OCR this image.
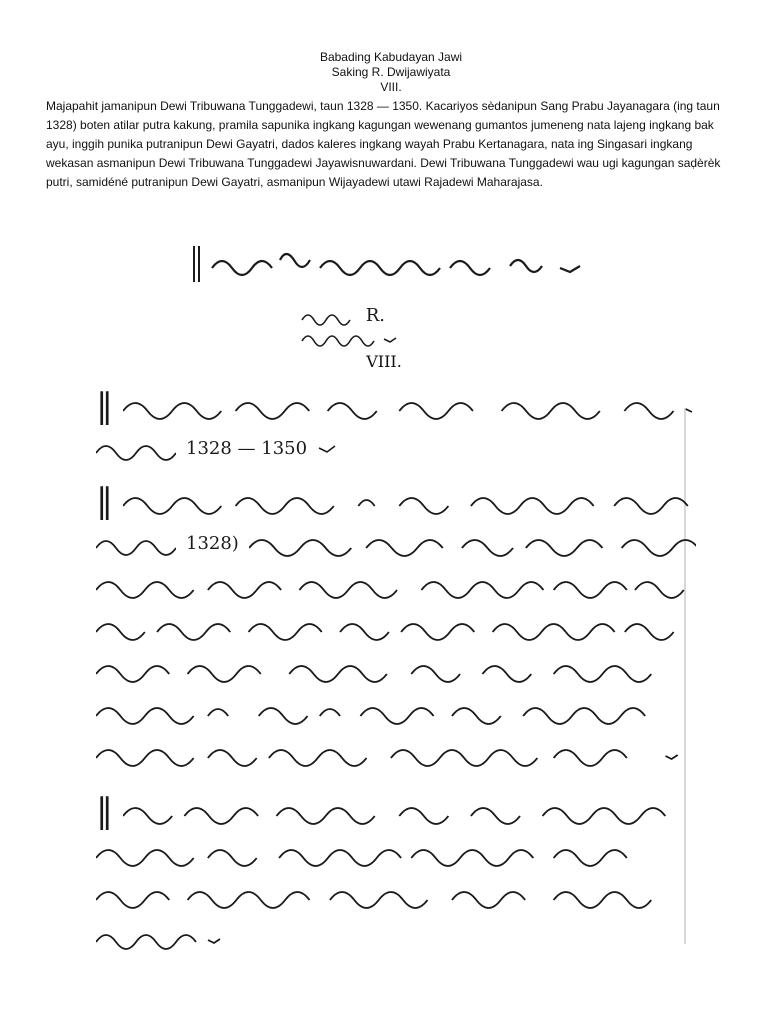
Babading Kabudayan Jawi
Saking R. Dwijawiyata
VIII.
Majapahit jamanipun Dewi Tribuwana Tunggadewi, taun 1328 — 1350. Kacariyos sèdanipun Sang Prabu Jayanagara (ing taun 1328) boten atilar putra kakung, pramila sapunika ingkang kagungan wewenang gumantos jumeneng nata lajeng ingkang bak ayu, inggih punika putranipun Dewi Gayatri, dados kaleres ingkang wayah Prabu Kertanagara, nata ing Singasari ingkang wekasan asmanipun Dewi Tribuwana Tunggadewi Jayawisnuwardani. Dewi Tribuwana Tunggadewi wau ugi kagungan saḍèrèk putri, samidéné putranipun Dewi Gayatri, asmanipun Wijayadewi utawi Rajadewi Maharajasa.
R.
VIII.
‖
1328 — 1350
‖
1328)
‖
